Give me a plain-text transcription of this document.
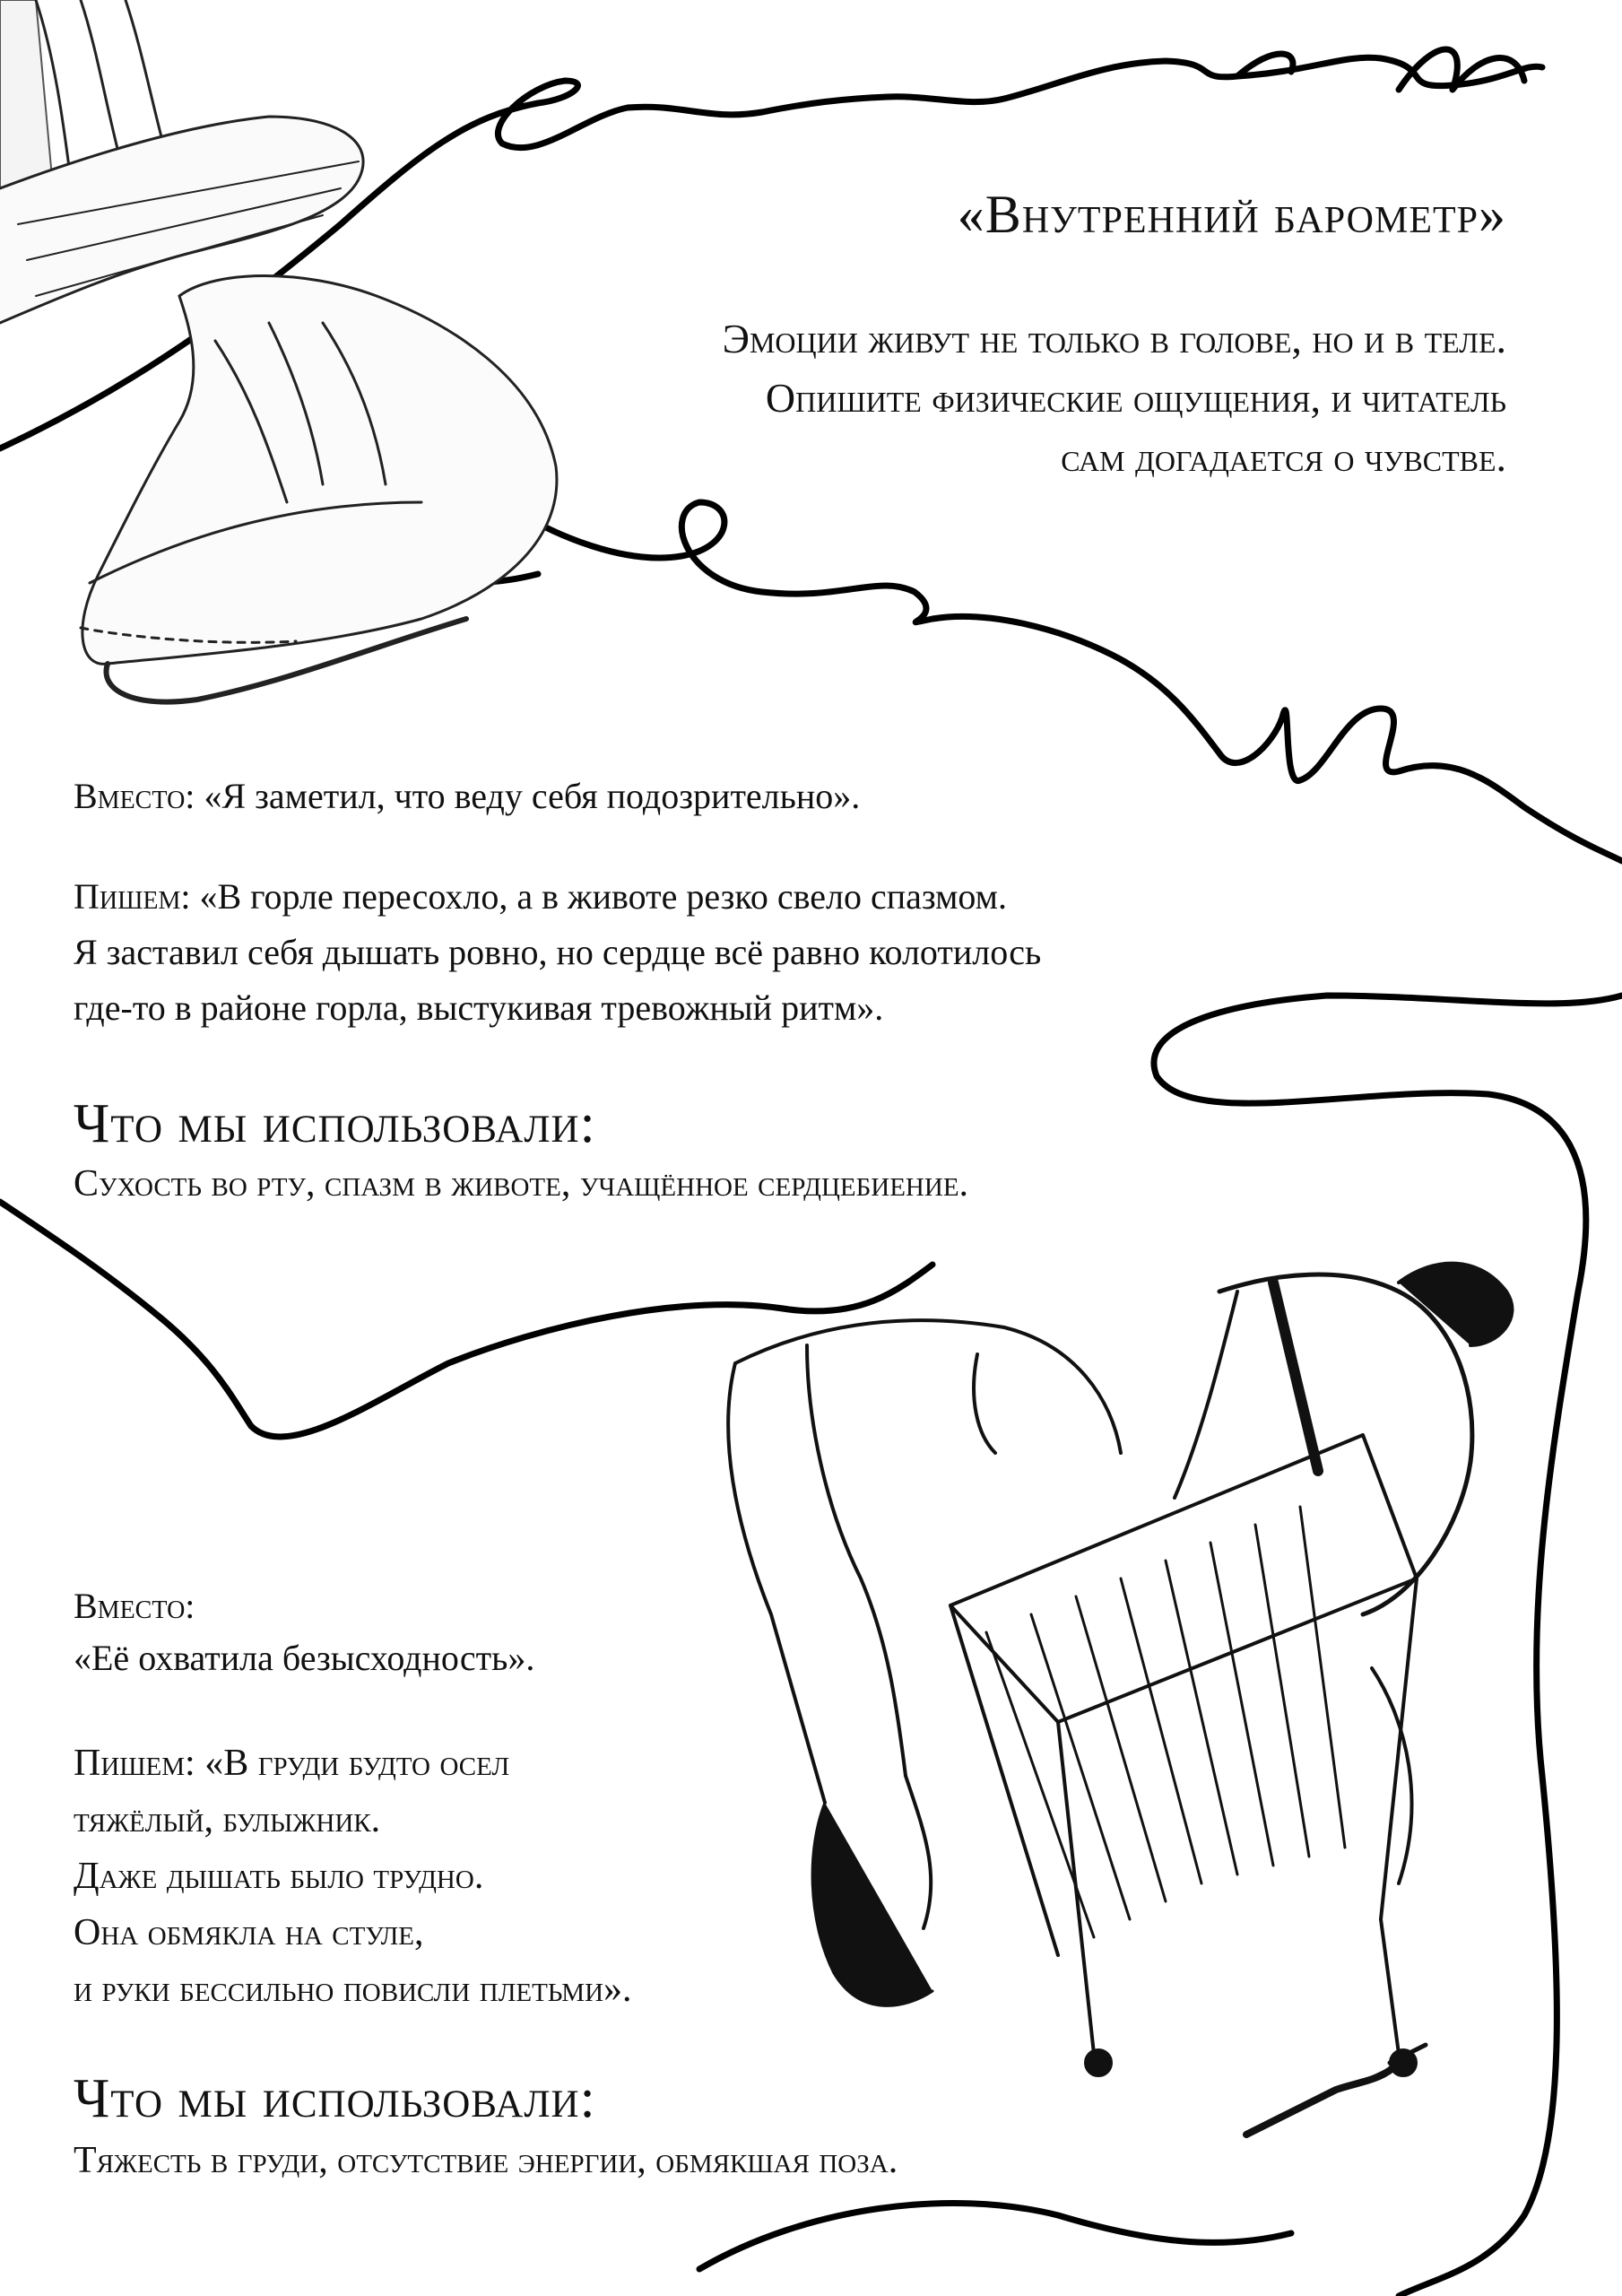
«Внутренний барометр»
Эмоции живут не только в голове, но и в теле.
Опишите физические ощущения, и читатель
сам догадается о чувстве.
Вместо: «Я заметил, что веду себя подозрительно».
Пишем: «В горле пересохло, а в животе резко свело спазмом.
Я заставил себя дышать ровно, но сердце всё равно колотилось
где-то в районе горла, выстукивая тревожный ритм».
Что мы использовали:
Сухость во рту, спазм в животе, учащённое сердцебиение.
Вместо:
«Её охватила безысходность».
Пишем: «В груди будто осел
тяжёлый, булыжник.
Даже дышать было трудно.
Она обмякла на стуле,
и руки бессильно повисли плетьми».
Что мы использовали:
Тяжесть в груди, отсутствие энергии, обмякшая поза.
